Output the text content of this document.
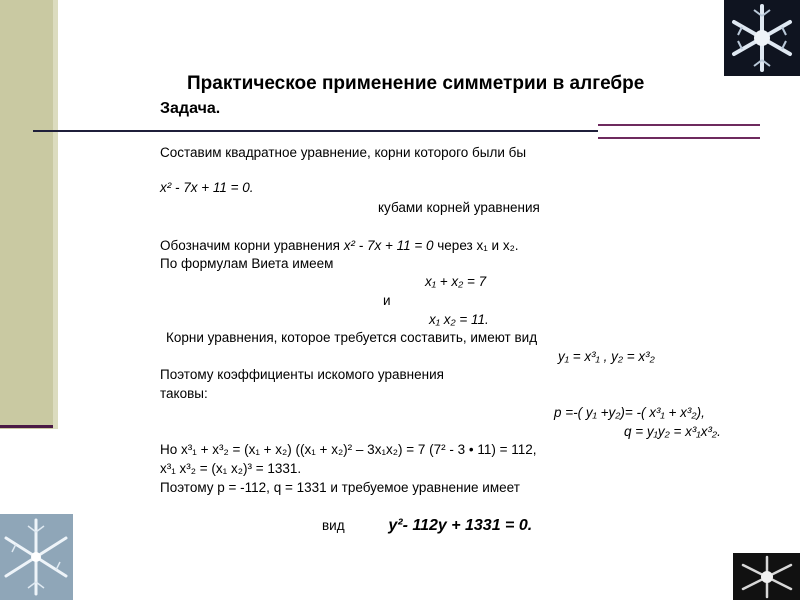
Практическое применение симметрии в алгебре
Задача.
Составим квадратное уравнение, корни которого были бы
x² - 7x + 11 = 0.
кубами корней уравнения
Обозначим корни уравнения x² - 7x + 11 = 0 через x₁ и x₂.
По формулам Виета имеем
x₁ + x₂ = 7
и
x₁ x₂ = 11.
Корни уравнения, которое требуется составить, имеют вид
y₁ = x³₁ , y₂ = x³₂
Поэтому коэффициенты искомого уравнения
таковы:
p =-( y₁ +y₂)= -( x³₁ + x³₂),
q = y₁y₂ = x³₁x³₂.
Но x³₁ + x³₂ = (x₁ + x₂) ((x₁ + x₂)² – 3x₁x₂) = 7 (7² - 3 • 11) = 112,
x³₁ x³₂ = (x₁ x₂)³ = 1331.
Поэтому p = -112, q = 1331 и требуемое уравнение имеет
вид	y²- 112y + 1331 = 0.
